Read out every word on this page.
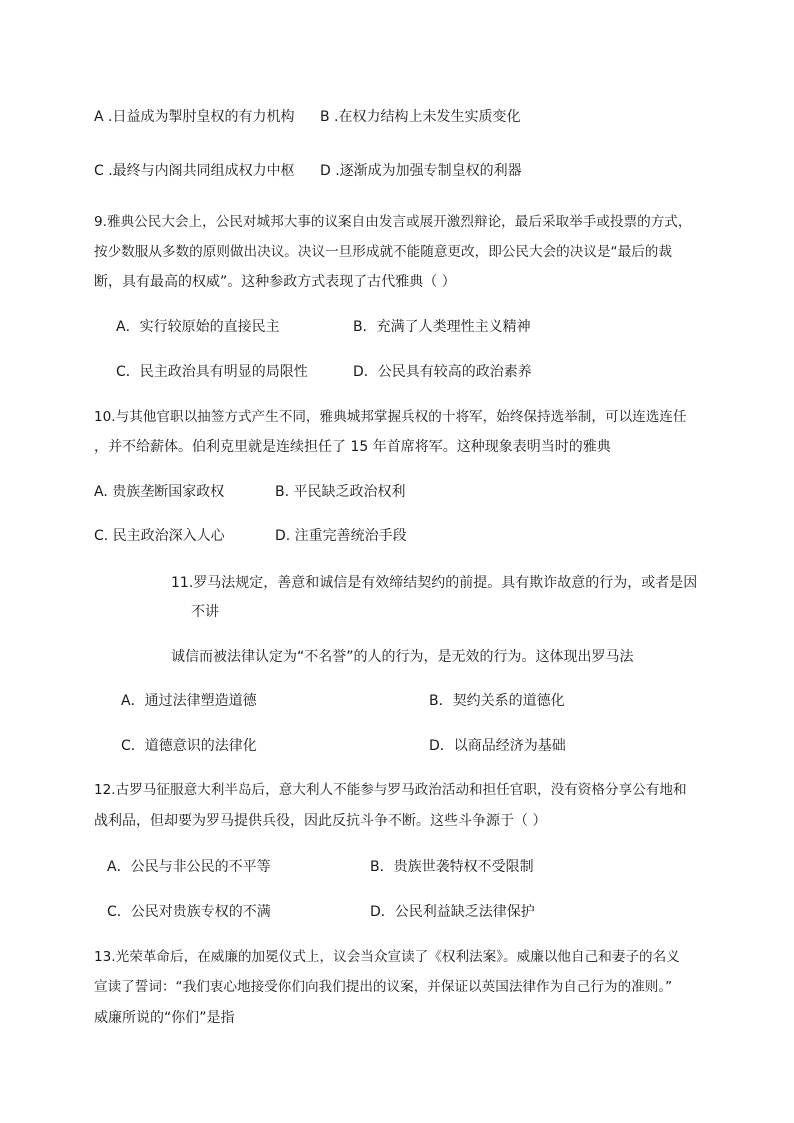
A .日益成为掣肘皇权的有力机构 B .在权力结构上未发生实质变化
C .最终与内阁共同组成权力中枢 D .逐渐成为加强专制皇权的利器
9.雅典公民大会上，公民对城邦大事的议案自由发言或展开激烈辩论，最后采取举手或投票的方式，
按少数服从多数的原则做出决议。决议一旦形成就不能随意更改，即公民大会的决议是“最后的裁
断，具有最高的权威”。这种参政方式表现了古代雅典（ ）
A．实行较原始的直接民主	B．充满了人类理性主义精神
C．民主政治具有明显的局限性	D．公民具有较高的政治素养
10.与其他官职以抽签方式产生不同，雅典城邦掌握兵权的十将军，始终保持选举制，可以连选连任
，并不给薪体。伯利克里就是连续担任了 15 年首席将军。这种现象表明当时的雅典
A. 贵族垄断国家政权	B. 平民缺乏政治权利
C. 民主政治深入人心	D. 注重完善统治手段
11.罗马法规定，善意和诚信是有效缔结契约的前提。具有欺诈故意的行为，或者是因
不讲
诚信而被法律认定为“不名誉”的人的行为，是无效的行为。这体现出罗马法
A．通过法律塑造道德	B．契约关系的道德化
C．道德意识的法律化	D．以商品经济为基础
12.古罗马征服意大利半岛后，意大利人不能参与罗马政治活动和担任官职，没有资格分享公有地和
战利品，但却要为罗马提供兵役，因此反抗斗争不断。这些斗争源于（ ）
A．公民与非公民的不平等	B．贵族世袭特权不受限制
C．公民对贵族专权的不满	D．公民利益缺乏法律保护
13.光荣革命后，在威廉的加冕仪式上，议会当众宣读了《权利法案》。威廉以他自己和妻子的名义
宣读了誓词：“我们衷心地接受你们向我们提出的议案，并保证以英国法律作为自己行为的准则。”
威廉所说的“你们”是指
